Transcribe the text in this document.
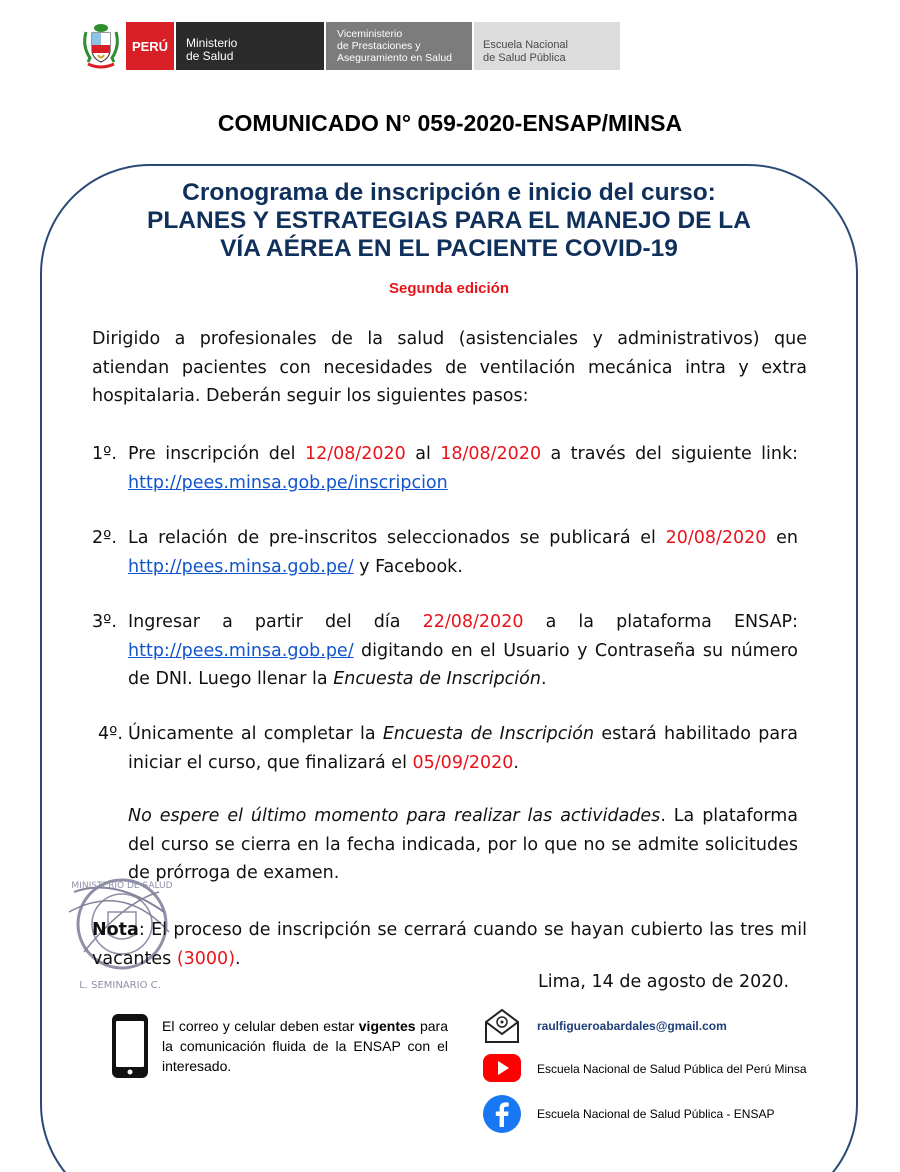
PERÚ	Ministerio
de Salud
Viceministerio
de Prestaciones y
Aseguramiento en Salud
Escuela Nacional
de Salud Pública
COMUNICADO N° 059-2020-ENSAP/MINSA
Cronograma de inscripción e inicio del curso:
PLANES Y ESTRATEGIAS PARA EL MANEJO DE LA
VÍA AÉREA EN EL PACIENTE COVID-19
Segunda edición
Dirigido a profesionales de la salud (asistenciales y administrativos) que atiendan pacientes con necesidades de ventilación mecánica intra y extra hospitalaria. Deberán seguir los siguientes pasos:
1º. Pre inscripción del 12/08/2020 al 18/08/2020 a través del siguiente link: http://pees.minsa.gob.pe/inscripcion
2º. La relación de pre-inscritos seleccionados se publicará el 20/08/2020 en http://pees.minsa.gob.pe/ y Facebook.
3º. Ingresar a partir del día 22/08/2020 a la plataforma ENSAP: http://pees.minsa.gob.pe/ digitando en el Usuario y Contraseña su número de DNI. Luego llenar la Encuesta de Inscripción.
4º. Únicamente al completar la Encuesta de Inscripción estará habilitado para iniciar el curso, que finalizará el 05/09/2020.
No espere el último momento para realizar las actividades. La plataforma del curso se cierra en la fecha indicada, por lo que no se admite solicitudes de prórroga de examen.
MINISTERIO DE SALUD
L. SEMINARIO C.
Nota: El proceso de inscripción se cerrará cuando se hayan cubierto las tres mil vacantes (3000).
Lima, 14 de agosto de 2020.
El correo y celular deben estar vigentes para la comunicación fluida de la ENSAP con el interesado.
raulfigueroabardales@gmail.com
Escuela Nacional de Salud Pública del Perú Minsa
Escuela Nacional de Salud Pública - ENSAP
